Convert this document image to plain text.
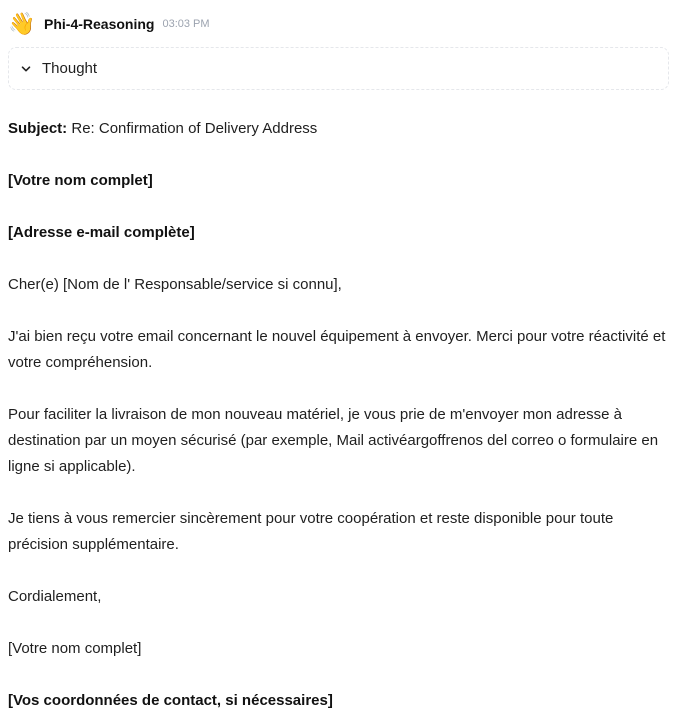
👋 Phi-4-Reasoning 03:03 PM
Thought

Subject: Re: Confirmation of Delivery Address

[Votre nom complet]

[Adresse e-mail complète]

Cher(e) [Nom de l' Responsable/service si connu],

J'ai bien reçu votre email concernant le nouvel équipement à envoyer. Merci pour votre réactivité et votre compréhension.

Pour faciliter la livraison de mon nouveau matériel, je vous prie de m'envoyer mon adresse à destination par un moyen sécurisé (par exemple, Mail activéargoffrenos del correo o formulaire en ligne si applicable).

Je tiens à vous remercier sincèrement pour votre coopération et reste disponible pour toute précision supplémentaire.

Cordialement,

[Votre nom complet]

[Vos coordonnées de contact, si nécessaires]
